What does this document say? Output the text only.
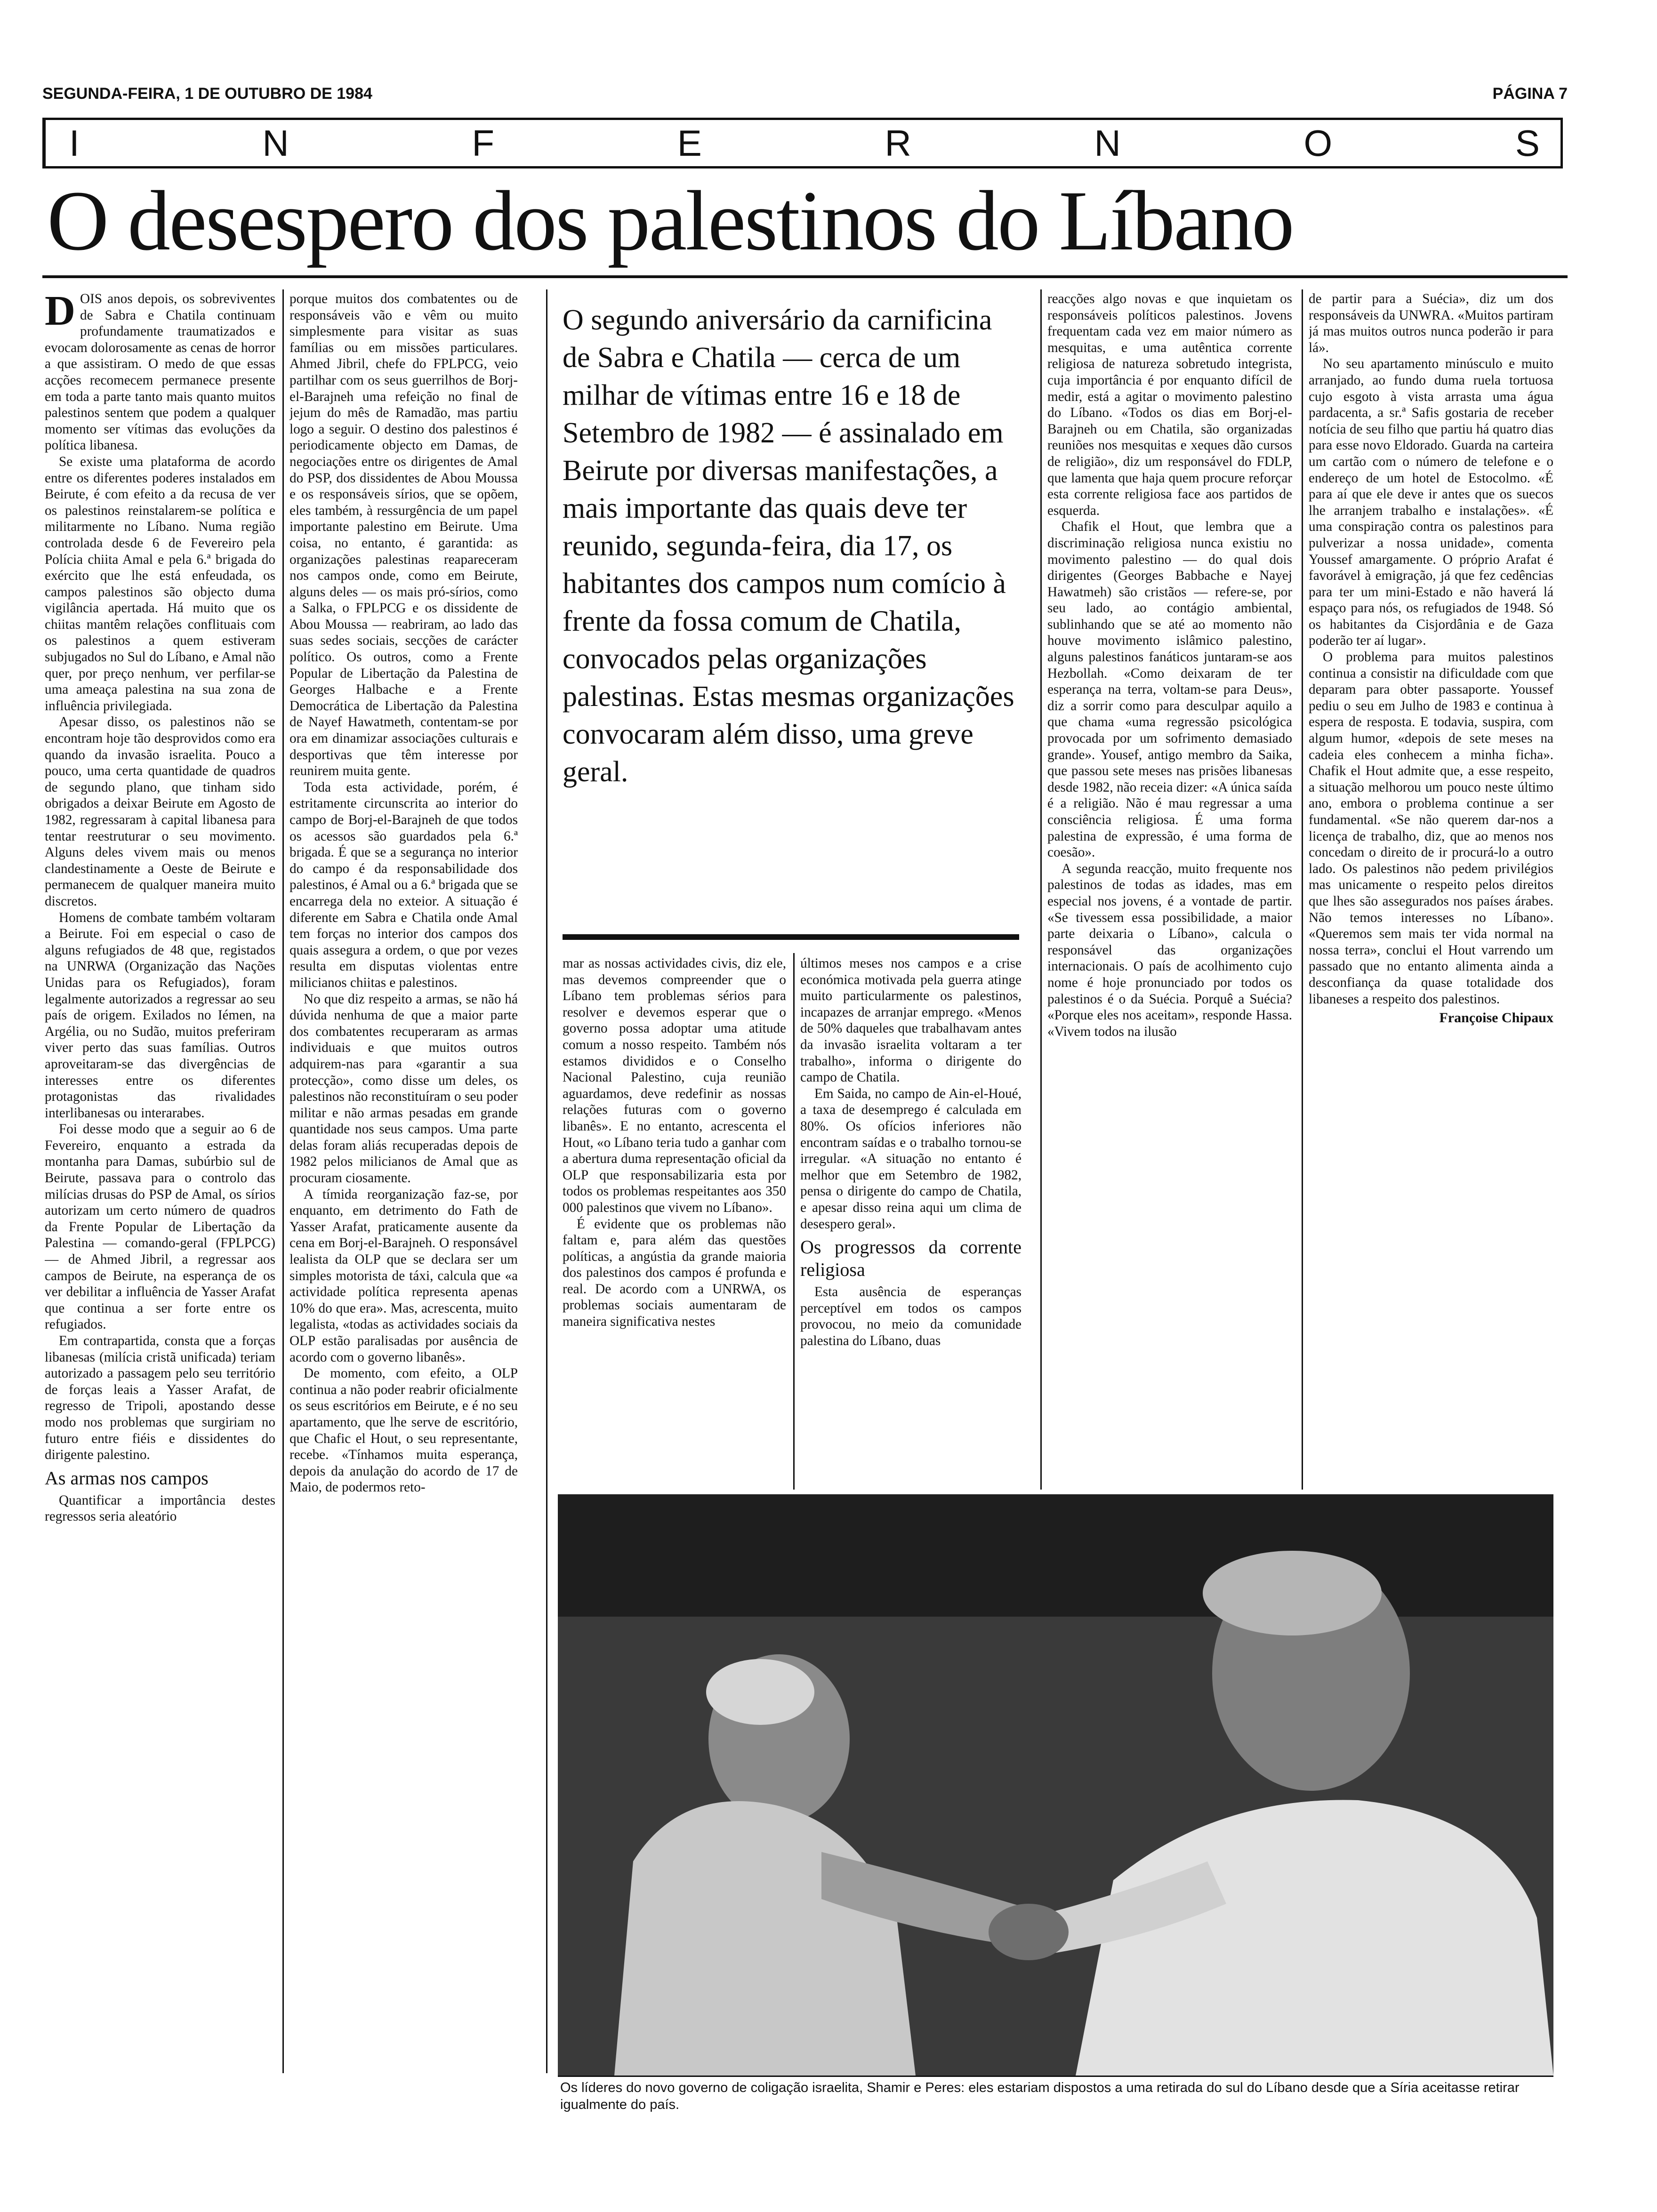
SEGUNDA-FEIRA, 1 DE OUTUBRO DE 1984	PÁGINA 7
I	N	F	E	R	N	O	S
O desespero dos palestinos do Líbano

DOIS anos depois, os sobreviventes de Sabra e Chatila continuam profundamente traumatizados e evocam dolorosamente as cenas de horror a que assistiram. O medo de que essas acções recomecem permanece presente em toda a parte tanto mais quanto muitos palestinos sentem que podem a qualquer momento ser vítimas das evoluções da política libanesa.

Se existe uma plataforma de acordo entre os diferentes poderes instalados em Beirute, é com efeito a da recusa de ver os palestinos reinstalarem-se política e militarmente no Líbano. Numa região controlada desde 6 de Fevereiro pela Polícia chiita Amal e pela 6.ª brigada do exército que lhe está enfeudada, os campos palestinos são objecto duma vigilância apertada. Há muito que os chiitas mantêm relações conflituais com os palestinos a quem estiveram subjugados no Sul do Líbano, e Amal não quer, por preço nenhum, ver perfilar-se uma ameaça palestina na sua zona de influência privilegiada.

Apesar disso, os palestinos não se encontram hoje tão desprovidos como era quando da invasão israelita. Pouco a pouco, uma certa quantidade de quadros de segundo plano, que tinham sido obrigados a deixar Beirute em Agosto de 1982, regressaram à capital libanesa para tentar reestruturar o seu movimento. Alguns deles vivem mais ou menos clandestinamente a Oeste de Beirute e permanecem de qualquer maneira muito discretos.

Homens de combate também voltaram a Beirute. Foi em especial o caso de alguns refugiados de 48 que, registados na UNRWA (Organização das Nações Unidas para os Refugiados), foram legalmente autorizados a regressar ao seu país de origem. Exilados no Iémen, na Argélia, ou no Sudão, muitos preferiram viver perto das suas famílias. Outros aproveitaram-se das divergências de interesses entre os diferentes protagonistas das rivalidades interlibanesas ou interarabes.

Foi desse modo que a seguir ao 6 de Fevereiro, enquanto a estrada da montanha para Damas, subúrbio sul de Beirute, passava para o controlo das milícias drusas do PSP de Amal, os sírios autorizam um certo número de quadros da Frente Popular de Libertação da Palestina — comando-geral (FPLPCG) — de Ahmed Jibril, a regressar aos campos de Beirute, na esperança de os ver debilitar a influência de Yasser Arafat que continua a ser forte entre os refugiados.

Em contrapartida, consta que a forças libanesas (milícia cristã unificada) teriam autorizado a passagem pelo seu território de forças leais a Yasser Arafat, de regresso de Tripoli, apostando desse modo nos problemas que surgiriam no futuro entre fiéis e dissidentes do dirigente palestino.

As armas nos campos

Quantificar a importância destes regressos seria aleatório

porque muitos dos combatentes ou de responsáveis vão e vêm ou muito simplesmente para visitar as suas famílias ou em missões particulares. Ahmed Jibril, chefe do FPLPCG, veio partilhar com os seus guerrilhos de Borj-el-Barajneh uma refeição no final de jejum do mês de Ramadão, mas partiu logo a seguir. O destino dos palestinos é periodicamente objecto em Damas, de negociações entre os dirigentes de Amal do PSP, dos dissidentes de Abou Moussa e os responsáveis sírios, que se opõem, eles também, à ressurgência de um papel importante palestino em Beirute. Uma coisa, no entanto, é garantida: as organizações palestinas reapareceram nos campos onde, como em Beirute, alguns deles — os mais pró-sírios, como a Salka, o FPLPCG e os dissidente de Abou Moussa — reabriram, ao lado das suas sedes sociais, secções de carácter político. Os outros, como a Frente Popular de Libertação da Palestina de Georges Halbache e a Frente Democrática de Libertação da Palestina de Nayef Hawatmeth, contentam-se por ora em dinamizar associações culturais e desportivas que têm interesse por reunirem muita gente.

Toda esta actividade, porém, é estritamente circunscrita ao interior do campo de Borj-el-Barajneh de que todos os acessos são guardados pela 6.ª brigada. É que se a segurança no interior do campo é da responsabilidade dos palestinos, é Amal ou a 6.ª brigada que se encarrega dela no exteior. A situação é diferente em Sabra e Chatila onde Amal tem forças no interior dos campos dos quais assegura a ordem, o que por vezes resulta em disputas violentas entre milicianos chiitas e palestinos.

No que diz respeito a armas, se não há dúvida nenhuma de que a maior parte dos combatentes recuperaram as armas individuais e que muitos outros adquirem-nas para «garantir a sua protecção», como disse um deles, os palestinos não reconstituíram o seu poder militar e não armas pesadas em grande quantidade nos seus campos. Uma parte delas foram aliás recuperadas depois de 1982 pelos milicianos de Amal que as procuram ciosamente.

A tímida reorganização faz-se, por enquanto, em detrimento do Fath de Yasser Arafat, praticamente ausente da cena em Borj-el-Barajneh. O responsável lealista da OLP que se declara ser um simples motorista de táxi, calcula que «a actividade política representa apenas 10% do que era». Mas, acrescenta, muito legalista, «todas as actividades sociais da OLP estão paralisadas por ausência de acordo com o governo libanês».

De momento, com efeito, a OLP continua a não poder reabrir oficialmente os seus escritórios em Beirute, e é no seu apartamento, que lhe serve de escritório, que Chafic el Hout, o seu representante, recebe. «Tínhamos muita esperança, depois da anulação do acordo de 17 de Maio, de podermos reto-

O segundo aniversário da carnificina de Sabra e Chatila — cerca de um milhar de vítimas entre 16 e 18 de Setembro de 1982 — é assinalado em Beirute por diversas manifestações, a mais importante das quais deve ter reunido, segunda-feira, dia 17, os habitantes dos campos num comício à frente da fossa comum de Chatila, convocados pelas organizações palestinas. Estas mesmas organizações convocaram além disso, uma greve geral.

mar as nossas actividades civis, diz ele, mas devemos compreender que o Líbano tem problemas sérios para resolver e devemos esperar que o governo possa adoptar uma atitude comum a nosso respeito. Também nós estamos divididos e o Conselho Nacional Palestino, cuja reunião aguardamos, deve redefinir as nossas relações futuras com o governo libanês». E no entanto, acrescenta el Hout, «o Líbano teria tudo a ganhar com a abertura duma representação oficial da OLP que responsabilizaria esta por todos os problemas respeitantes aos 350 000 palestinos que vivem no Líbano».

É evidente que os problemas não faltam e, para além das questões políticas, a angústia da grande maioria dos palestinos dos campos é profunda e real. De acordo com a UNRWA, os problemas sociais aumentaram de maneira significativa nestes

últimos meses nos campos e a crise económica motivada pela guerra atinge muito particularmente os palestinos, incapazes de arranjar emprego. «Menos de 50% daqueles que trabalhavam antes da invasão israelita voltaram a ter trabalho», informa o dirigente do campo de Chatila.

Em Saida, no campo de Ain-el-Houé, a taxa de desemprego é calculada em 80%. Os ofícios inferiores não encontram saídas e o trabalho tornou-se irregular. «A situação no entanto é melhor que em Setembro de 1982, pensa o dirigente do campo de Chatila, e apesar disso reina aqui um clima de desespero geral».

Os progressos da corrente religiosa

Esta ausência de esperanças perceptível em todos os campos provocou, no meio da comunidade palestina do Líbano, duas

reacções algo novas e que inquietam os responsáveis políticos palestinos. Jovens frequentam cada vez em maior número as mesquitas, e uma autêntica corrente religiosa de natureza sobretudo integrista, cuja importância é por enquanto difícil de medir, está a agitar o movimento palestino do Líbano. «Todos os dias em Borj-el-Barajneh ou em Chatila, são organizadas reuniões nos mesquitas e xeques dão cursos de religião», diz um responsável do FDLP, que lamenta que haja quem procure reforçar esta corrente religiosa face aos partidos de esquerda.

Chafik el Hout, que lembra que a discriminação religiosa nunca existiu no movimento palestino — do qual dois dirigentes (Georges Babbache e Nayej Hawatmeh) são cristãos — refere-se, por seu lado, ao contágio ambiental, sublinhando que se até ao momento não houve movimento islâmico palestino, alguns palestinos fanáticos juntaram-se aos Hezbollah. «Como deixaram de ter esperança na terra, voltam-se para Deus», diz a sorrir como para desculpar aquilo a que chama «uma regressão psicológica provocada por um sofrimento demasiado grande». Yousef, antigo membro da Saika, que passou sete meses nas prisões libanesas desde 1982, não receia dizer: «A única saída é a religião. Não é mau regressar a uma consciência religiosa. É uma forma palestina de expressão, é uma forma de coesão».

A segunda reacção, muito frequente nos palestinos de todas as idades, mas em especial nos jovens, é a vontade de partir. «Se tivessem essa possibilidade, a maior parte deixaria o Líbano», calcula o responsável das organizações internacionais. O país de acolhimento cujo nome é hoje pronunciado por todos os palestinos é o da Suécia. Porquê a Suécia? «Porque eles nos aceitam», responde Hassa. «Vivem todos na ilusão

de partir para a Suécia», diz um dos responsáveis da UNWRA. «Muitos partiram já mas muitos outros nunca poderão ir para lá».

No seu apartamento minúsculo e muito arranjado, ao fundo duma ruela tortuosa cujo esgoto à vista arrasta uma água pardacenta, a sr.ª Safis gostaria de receber notícia de seu filho que partiu há quatro dias para esse novo Eldorado. Guarda na carteira um cartão com o número de telefone e o endereço de um hotel de Estocolmo. «É para aí que ele deve ir antes que os suecos lhe arranjem trabalho e instalações». «É uma conspiração contra os palestinos para pulverizar a nossa unidade», comenta Youssef amargamente. O próprio Arafat é favorável à emigração, já que fez cedências para ter um mini-Estado e não haverá lá espaço para nós, os refugiados de 1948. Só os habitantes da Cisjordânia e de Gaza poderão ter aí lugar».

O problema para muitos palestinos continua a consistir na dificuldade com que deparam para obter passaporte. Youssef pediu o seu em Julho de 1983 e continua à espera de resposta. E todavia, suspira, com algum humor, «depois de sete meses na cadeia eles conhecem a minha ficha». Chafik el Hout admite que, a esse respeito, a situação melhorou um pouco neste último ano, embora o problema continue a ser fundamental. «Se não querem dar-nos a licença de trabalho, diz, que ao menos nos concedam o direito de ir procurá-lo a outro lado. Os palestinos não pedem privilégios mas unicamente o respeito pelos direitos que lhes são assegurados nos países árabes. Não temos interesses no Líbano». «Queremos sem mais ter vida normal na nossa terra», conclui el Hout varrendo um passado que no entanto alimenta ainda a desconfiança da quase totalidade dos libaneses a respeito dos palestinos.

Françoise Chipaux
Os líderes do novo governo de coligação israelita, Shamir e Peres: eles estariam dispostos a uma retirada do sul do Líbano desde que a Síria aceitasse retirar igualmente do país.
